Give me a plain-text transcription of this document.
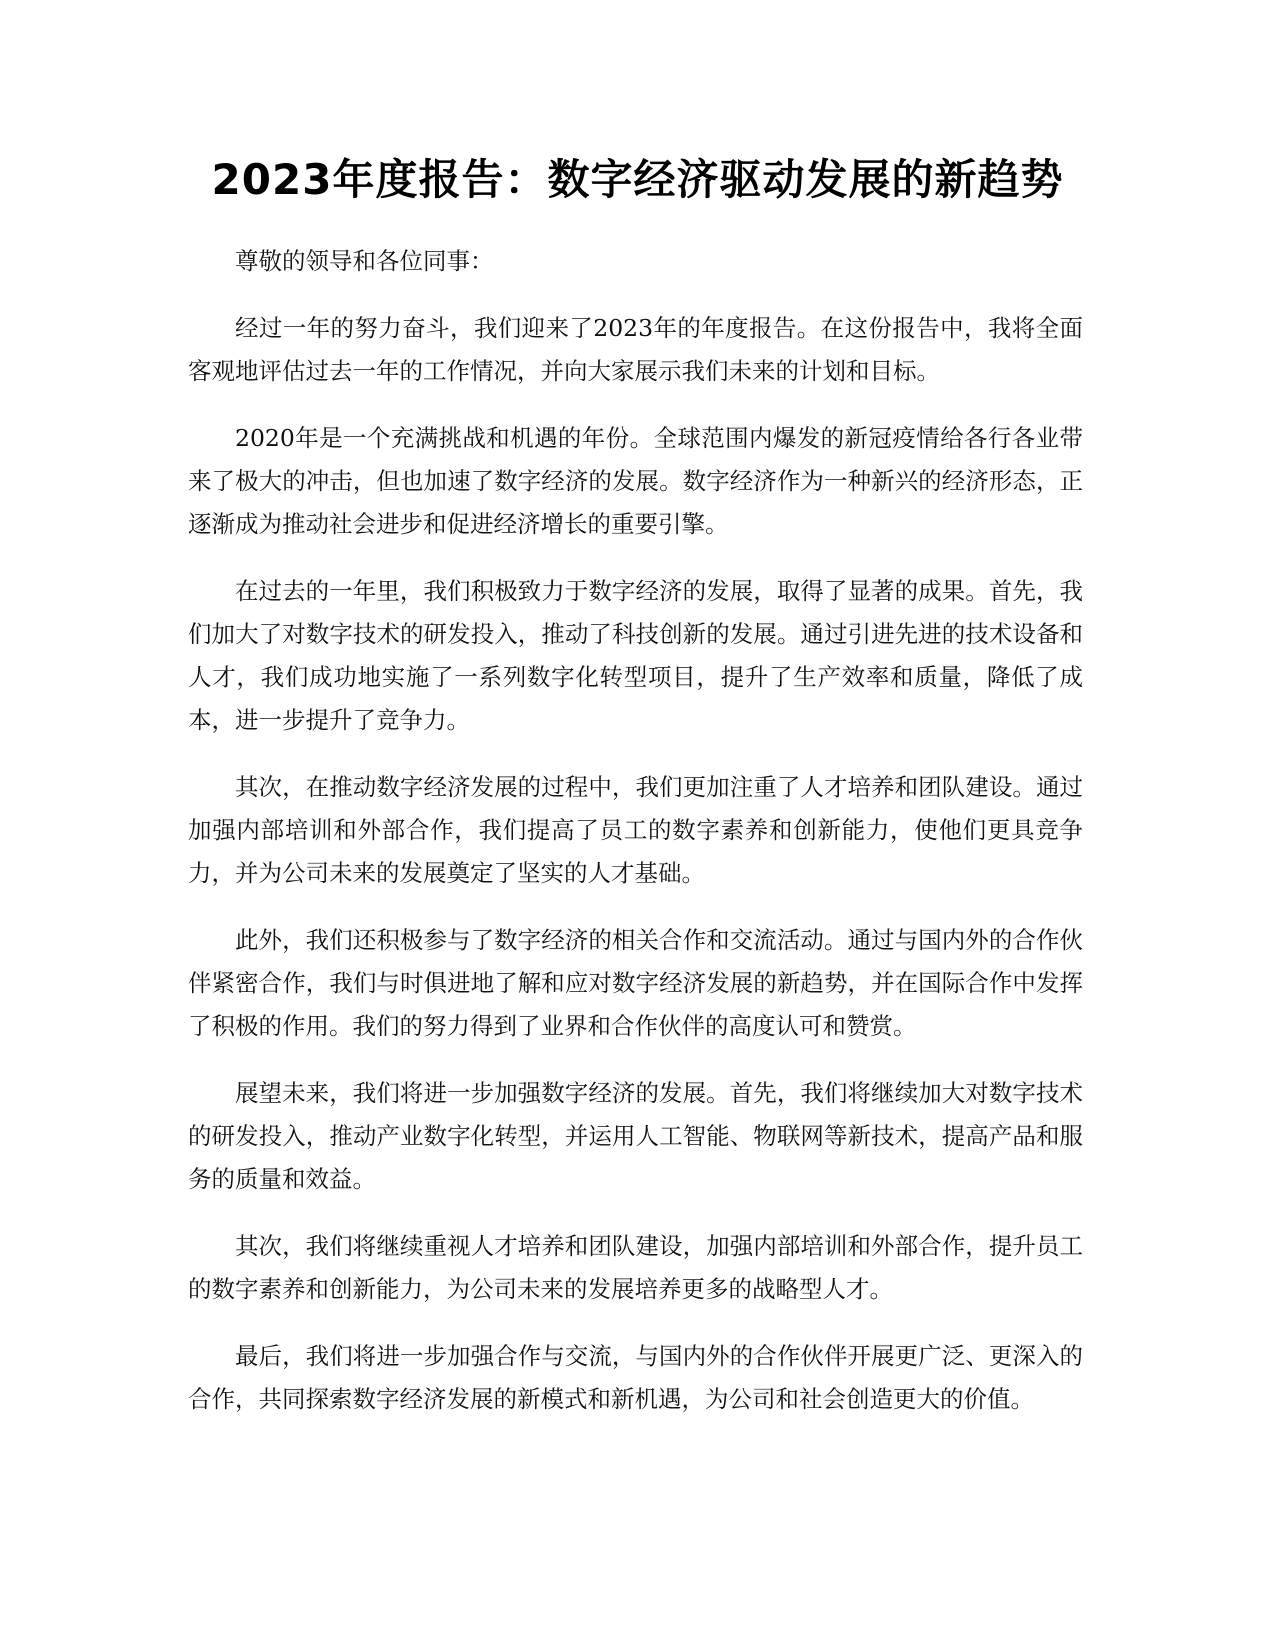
2023年度报告：数字经济驱动发展的新趋势

尊敬的领导和各位同事：

经过一年的努力奋斗，我们迎来了2023年的年度报告。在这份报告中，我将全面客观地评估过去一年的工作情况，并向大家展示我们未来的计划和目标。

2020年是一个充满挑战和机遇的年份。全球范围内爆发的新冠疫情给各行各业带来了极大的冲击，但也加速了数字经济的发展。数字经济作为一种新兴的经济形态，正逐渐成为推动社会进步和促进经济增长的重要引擎。

在过去的一年里，我们积极致力于数字经济的发展，取得了显著的成果。首先，我们加大了对数字技术的研发投入，推动了科技创新的发展。通过引进先进的技术设备和人才，我们成功地实施了一系列数字化转型项目，提升了生产效率和质量，降低了成本，进一步提升了竞争力。

其次，在推动数字经济发展的过程中，我们更加注重了人才培养和团队建设。通过加强内部培训和外部合作，我们提高了员工的数字素养和创新能力，使他们更具竞争力，并为公司未来的发展奠定了坚实的人才基础。

此外，我们还积极参与了数字经济的相关合作和交流活动。通过与国内外的合作伙伴紧密合作，我们与时俱进地了解和应对数字经济发展的新趋势，并在国际合作中发挥了积极的作用。我们的努力得到了业界和合作伙伴的高度认可和赞赏。

展望未来，我们将进一步加强数字经济的发展。首先，我们将继续加大对数字技术的研发投入，推动产业数字化转型，并运用人工智能、物联网等新技术，提高产品和服务的质量和效益。

其次，我们将继续重视人才培养和团队建设，加强内部培训和外部合作，提升员工的数字素养和创新能力，为公司未来的发展培养更多的战略型人才。

最后，我们将进一步加强合作与交流，与国内外的合作伙伴开展更广泛、更深入的合作，共同探索数字经济发展的新模式和新机遇，为公司和社会创造更大的价值。
